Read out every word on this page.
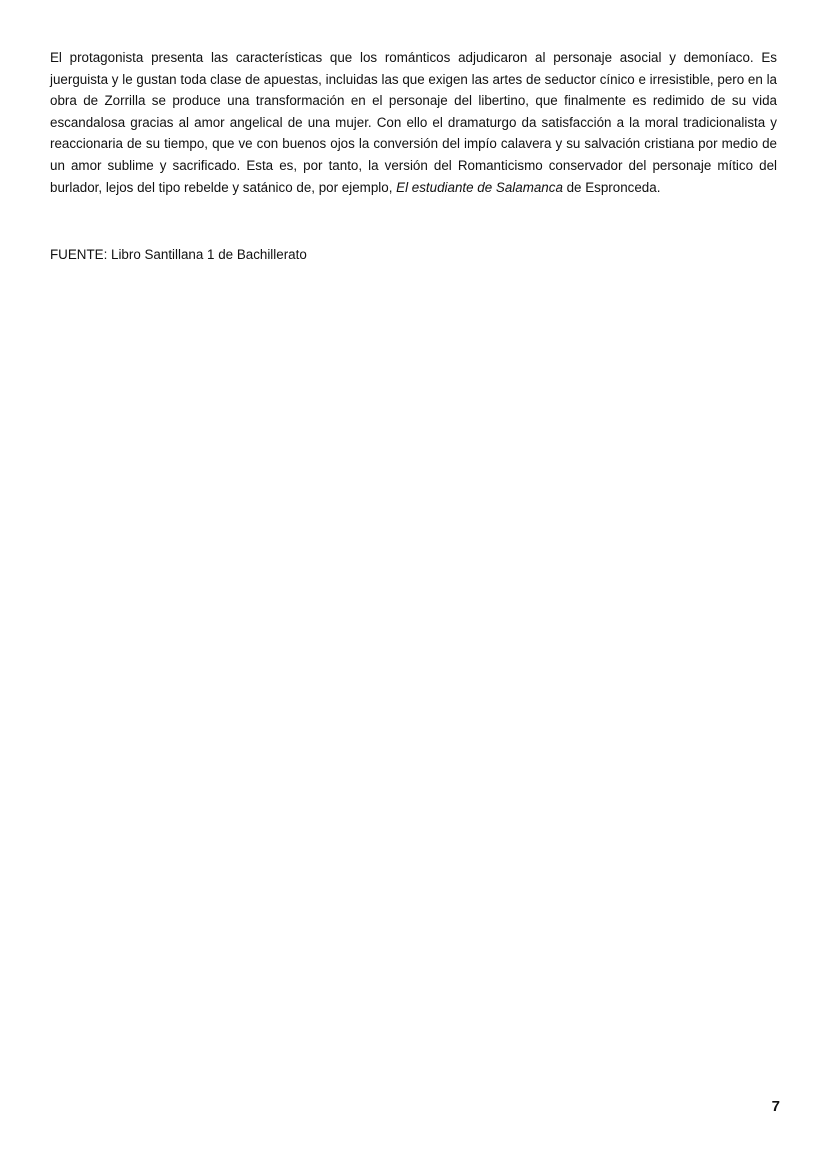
El protagonista presenta las características que los románticos adjudicaron al personaje asocial y demoníaco. Es juerguista y le gustan toda clase de apuestas, incluidas las que exigen las artes de seductor cínico e irresistible, pero en la obra de Zorrilla se produce una transformación en el personaje del libertino, que finalmente es redimido de su vida escandalosa gracias al amor angelical de una mujer. Con ello el dramaturgo da satisfacción a la moral tradicionalista y reaccionaria de su tiempo, que ve con buenos ojos la conversión del impío calavera y su salvación cristiana por medio de un amor sublime y sacrificado. Esta es, por tanto, la versión del Romanticismo conservador del personaje mítico del burlador, lejos del tipo rebelde y satánico de, por ejemplo, El estudiante de Salamanca de Espronceda.

FUENTE: Libro Santillana 1 de Bachillerato

7
